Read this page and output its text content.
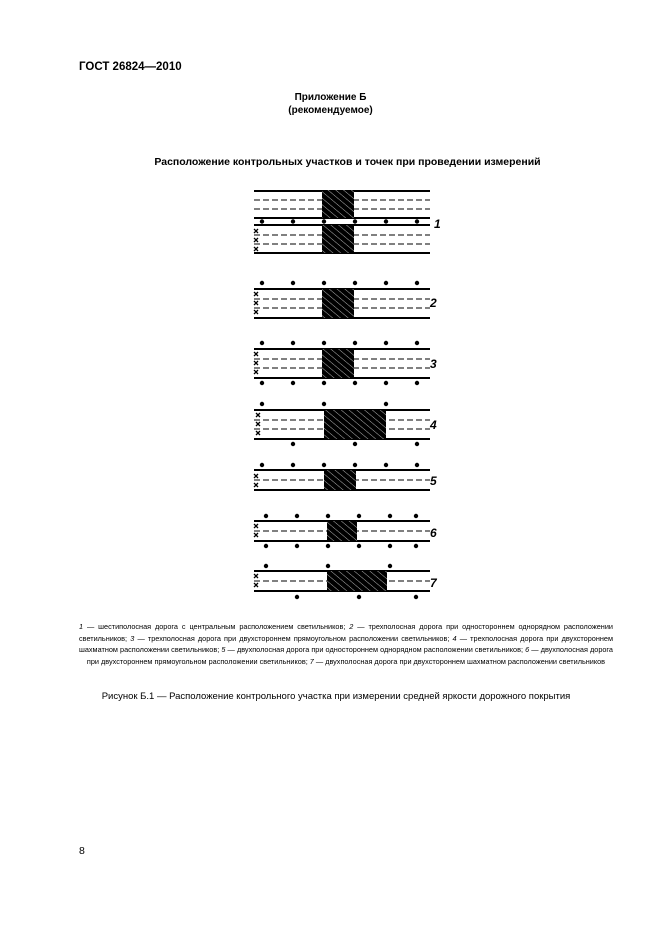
ГОСТ 26824—2010
Приложение Б
(рекомендуемое)
Расположение контрольных участков и точек при проведении измерений
1
2
3
4
5
6
7
1 — шестиполосная дорога с центральным расположением светильников; 2 — трехполосная дорога при одностороннем однорядном расположении светильников; 3 — трехполосная дорога при двухстороннем прямоугольном расположении светильников; 4 — трехполосная дорога при двухстороннем шахматном расположении светильников; 5 — двухполосная дорога при одностороннем однорядном расположении светильников; 6 — двухполосная дорога при двухстороннем прямоугольном расположении светильников; 7 — двухполосная дорога при двухстороннем шахматном расположении светильников
Рисунок Б.1 — Расположение контрольного участка при измерении средней яркости дорожного покрытия
8
